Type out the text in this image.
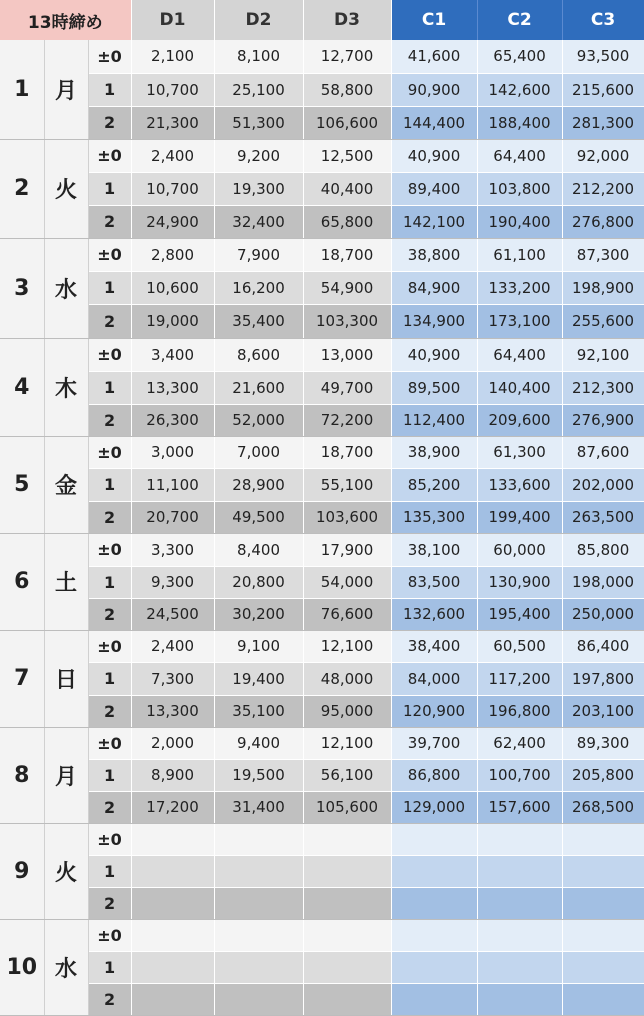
13時締め			D1	D2	D3	C1	C2	C3
1	月	±0	2,100	8,100	12,700	41,600	65,400	93,500
		1	10,700	25,100	58,800	90,900	142,600	215,600
		2	21,300	51,300	106,600	144,400	188,400	281,300
2	火	±0	2,400	9,200	12,500	40,900	64,400	92,000
		1	10,700	19,300	40,400	89,400	103,800	212,200
		2	24,900	32,400	65,800	142,100	190,400	276,800
3	水	±0	2,800	7,900	18,700	38,800	61,100	87,300
		1	10,600	16,200	54,900	84,900	133,200	198,900
		2	19,000	35,400	103,300	134,900	173,100	255,600
4	木	±0	3,400	8,600	13,000	40,900	64,400	92,100
		1	13,300	21,600	49,700	89,500	140,400	212,300
		2	26,300	52,000	72,200	112,400	209,600	276,900
5	金	±0	3,000	7,000	18,700	38,900	61,300	87,600
		1	11,100	28,900	55,100	85,200	133,600	202,000
		2	20,700	49,500	103,600	135,300	199,400	263,500
6	土	±0	3,300	8,400	17,900	38,100	60,000	85,800
		1	9,300	20,800	54,000	83,500	130,900	198,000
		2	24,500	30,200	76,600	132,600	195,400	250,000
7	日	±0	2,400	9,100	12,100	38,400	60,500	86,400
		1	7,300	19,400	48,000	84,000	117,200	197,800
		2	13,300	35,100	95,000	120,900	196,800	203,100
8	月	±0	2,000	9,400	12,100	39,700	62,400	89,300
		1	8,900	19,500	56,100	86,800	100,700	205,800
		2	17,200	31,400	105,600	129,000	157,600	268,500
9	火	±0						
		1						
		2						
10	水	±0						
		1						
		2						
